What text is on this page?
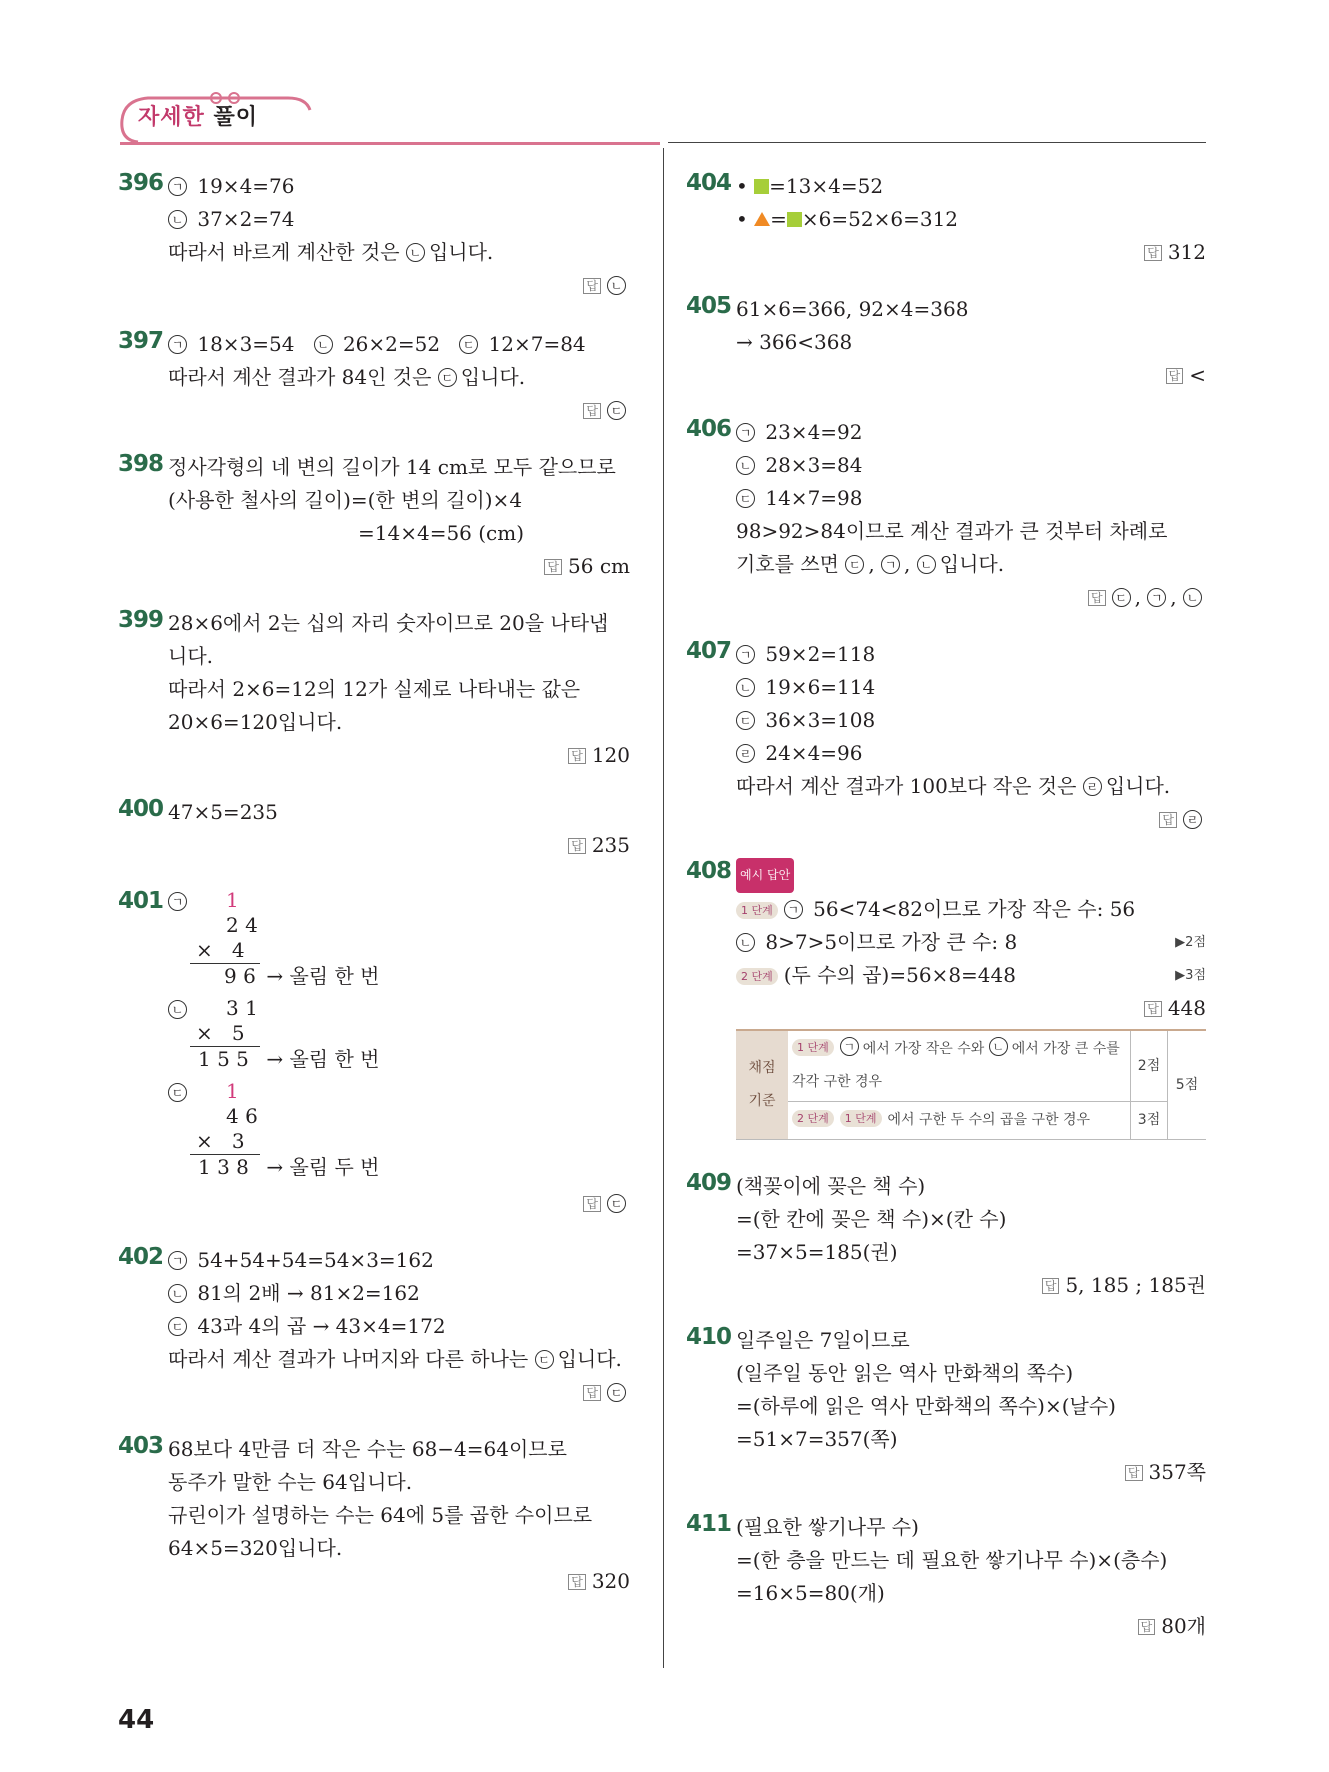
자세한 풀이
396 ㄱ 19×4=76
ㄴ 37×2=74
따라서 바르게 계산한 것은 ㄴ 입니다.
답 ㄴ
397 ㄱ 18×3=54 ㄴ 26×2=52 ㄷ 12×7=84
따라서 계산 결과가 84인 것은 ㄷ 입니다.
답 ㄷ
398 정사각형의 네 변의 길이가 14 cm로 모두 같으므로
(사용한 철사의 길이)=(한 변의 길이)×4
=14×4=56 (cm)
답 56 cm
399 28×6에서 2는 십의 자리 숫자이므로 20을 나타냅
니다.
따라서 2×6=12의 12가 실제로 나타내는 값은
20×6=120입니다.
답 120
400 47×5=235
답 235
401 ㄱ	1
2 4
×   4
9 6 → 올림 한 번
ㄴ	3 1
×   5
1 5 5 → 올림 한 번
ㄷ	1
4 6
×   3
1 3 8 → 올림 두 번
답 ㄷ
402 ㄱ 54+54+54=54×3=162
ㄴ 81의 2배 → 81×2=162
ㄷ 43과 4의 곱 → 43×4=172
따라서 계산 결과가 나머지와 다른 하나는 ㄷ 입니다.
답 ㄷ
403 68보다 4만큼 더 작은 수는 68−4=64이므로
동주가 말한 수는 64입니다.
규린이가 설명하는 수는 64에 5를 곱한 수이므로
64×5=320입니다.
답 320
404 • =13×4=52
• = ×6=52×6=312
답 312
405 61×6=366, 92×4=368
→ 366<368
답 <
406 ㄱ 23×4=92
ㄴ 28×3=84
ㄷ 14×7=98
98>92>84이므로 계산 결과가 큰 것부터 차례로
기호를 쓰면 ㄷ , ㄱ , ㄴ 입니다.
답 ㄷ , ㄱ , ㄴ
407 ㄱ 59×2=118
ㄴ 19×6=114
ㄷ 36×3=108
ㄹ 24×4=96
따라서 계산 결과가 100보다 작은 것은 ㄹ 입니다.
답 ㄹ
408 예시 답안
1 단계 ㄱ 56<74<82이므로 가장 작은 수: 56
ㄴ 8>7>5이므로 가장 큰 수: 8	▶2점
2 단계 (두 수의 곱)=56×8=448	▶3점
답 448
채점 기준	1 단계 ㄱ 에서 가장 작은 수와 ㄴ 에서 가장 큰 수를 각각 구한 경우	2점	5점
	2 단계 1 단계 에서 구한 두 수의 곱을 구한 경우	3점	
409 (책꽂이에 꽂은 책 수)
=(한 칸에 꽂은 책 수)×(칸 수)
=37×5=185(권)
답 5, 185 ; 185권
410 일주일은 7일이므로
(일주일 동안 읽은 역사 만화책의 쪽수)
=(하루에 읽은 역사 만화책의 쪽수)×(날수)
=51×7=357(쪽)
답 357쪽
411 (필요한 쌓기나무 수)
=(한 층을 만드는 데 필요한 쌓기나무 수)×(층수)
=16×5=80(개)
답 80개
44
